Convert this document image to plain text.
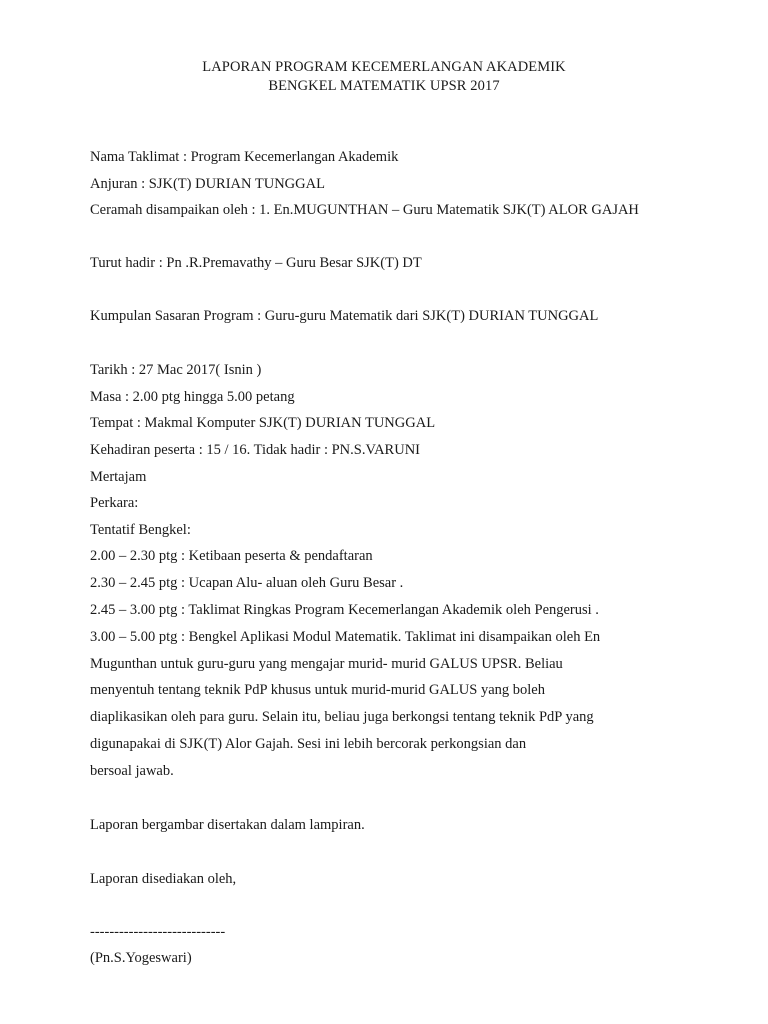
LAPORAN PROGRAM KECEMERLANGAN AKADEMIK
BENGKEL MATEMATIK UPSR 2017
Nama Taklimat : Program Kecemerlangan Akademik
Anjuran : SJK(T) DURIAN TUNGGAL
Ceramah disampaikan oleh : 1. En.MUGUNTHAN – Guru Matematik SJK(T) ALOR GAJAH
Turut hadir : Pn .R.Premavathy – Guru Besar SJK(T) DT
Kumpulan Sasaran Program : Guru-guru Matematik dari SJK(T) DURIAN TUNGGAL
Tarikh : 27 Mac 2017( Isnin )
Masa : 2.00 ptg hingga 5.00 petang
Tempat : Makmal Komputer SJK(T) DURIAN TUNGGAL
Kehadiran peserta : 15 / 16. Tidak hadir : PN.S.VARUNI
Mertajam
Perkara:
Tentatif Bengkel:
2.00 – 2.30 ptg : Ketibaan peserta & pendaftaran
2.30 – 2.45 ptg : Ucapan Alu- aluan oleh Guru Besar .
2.45 – 3.00 ptg : Taklimat Ringkas Program Kecemerlangan Akademik oleh Pengerusi .
3.00 – 5.00 ptg : Bengkel Aplikasi Modul Matematik. Taklimat ini disampaikan oleh En
Mugunthan untuk guru-guru yang mengajar murid- murid GALUS UPSR. Beliau
menyentuh tentang teknik PdP khusus untuk murid-murid GALUS yang boleh
diaplikasikan oleh para guru. Selain itu, beliau juga berkongsi tentang teknik PdP yang
digunapakai di SJK(T) Alor Gajah. Sesi ini lebih bercorak perkongsian dan
bersoal jawab.
Laporan bergambar disertakan dalam lampiran.
Laporan disediakan oleh,
----------------------------
(Pn.S.Yogeswari)
